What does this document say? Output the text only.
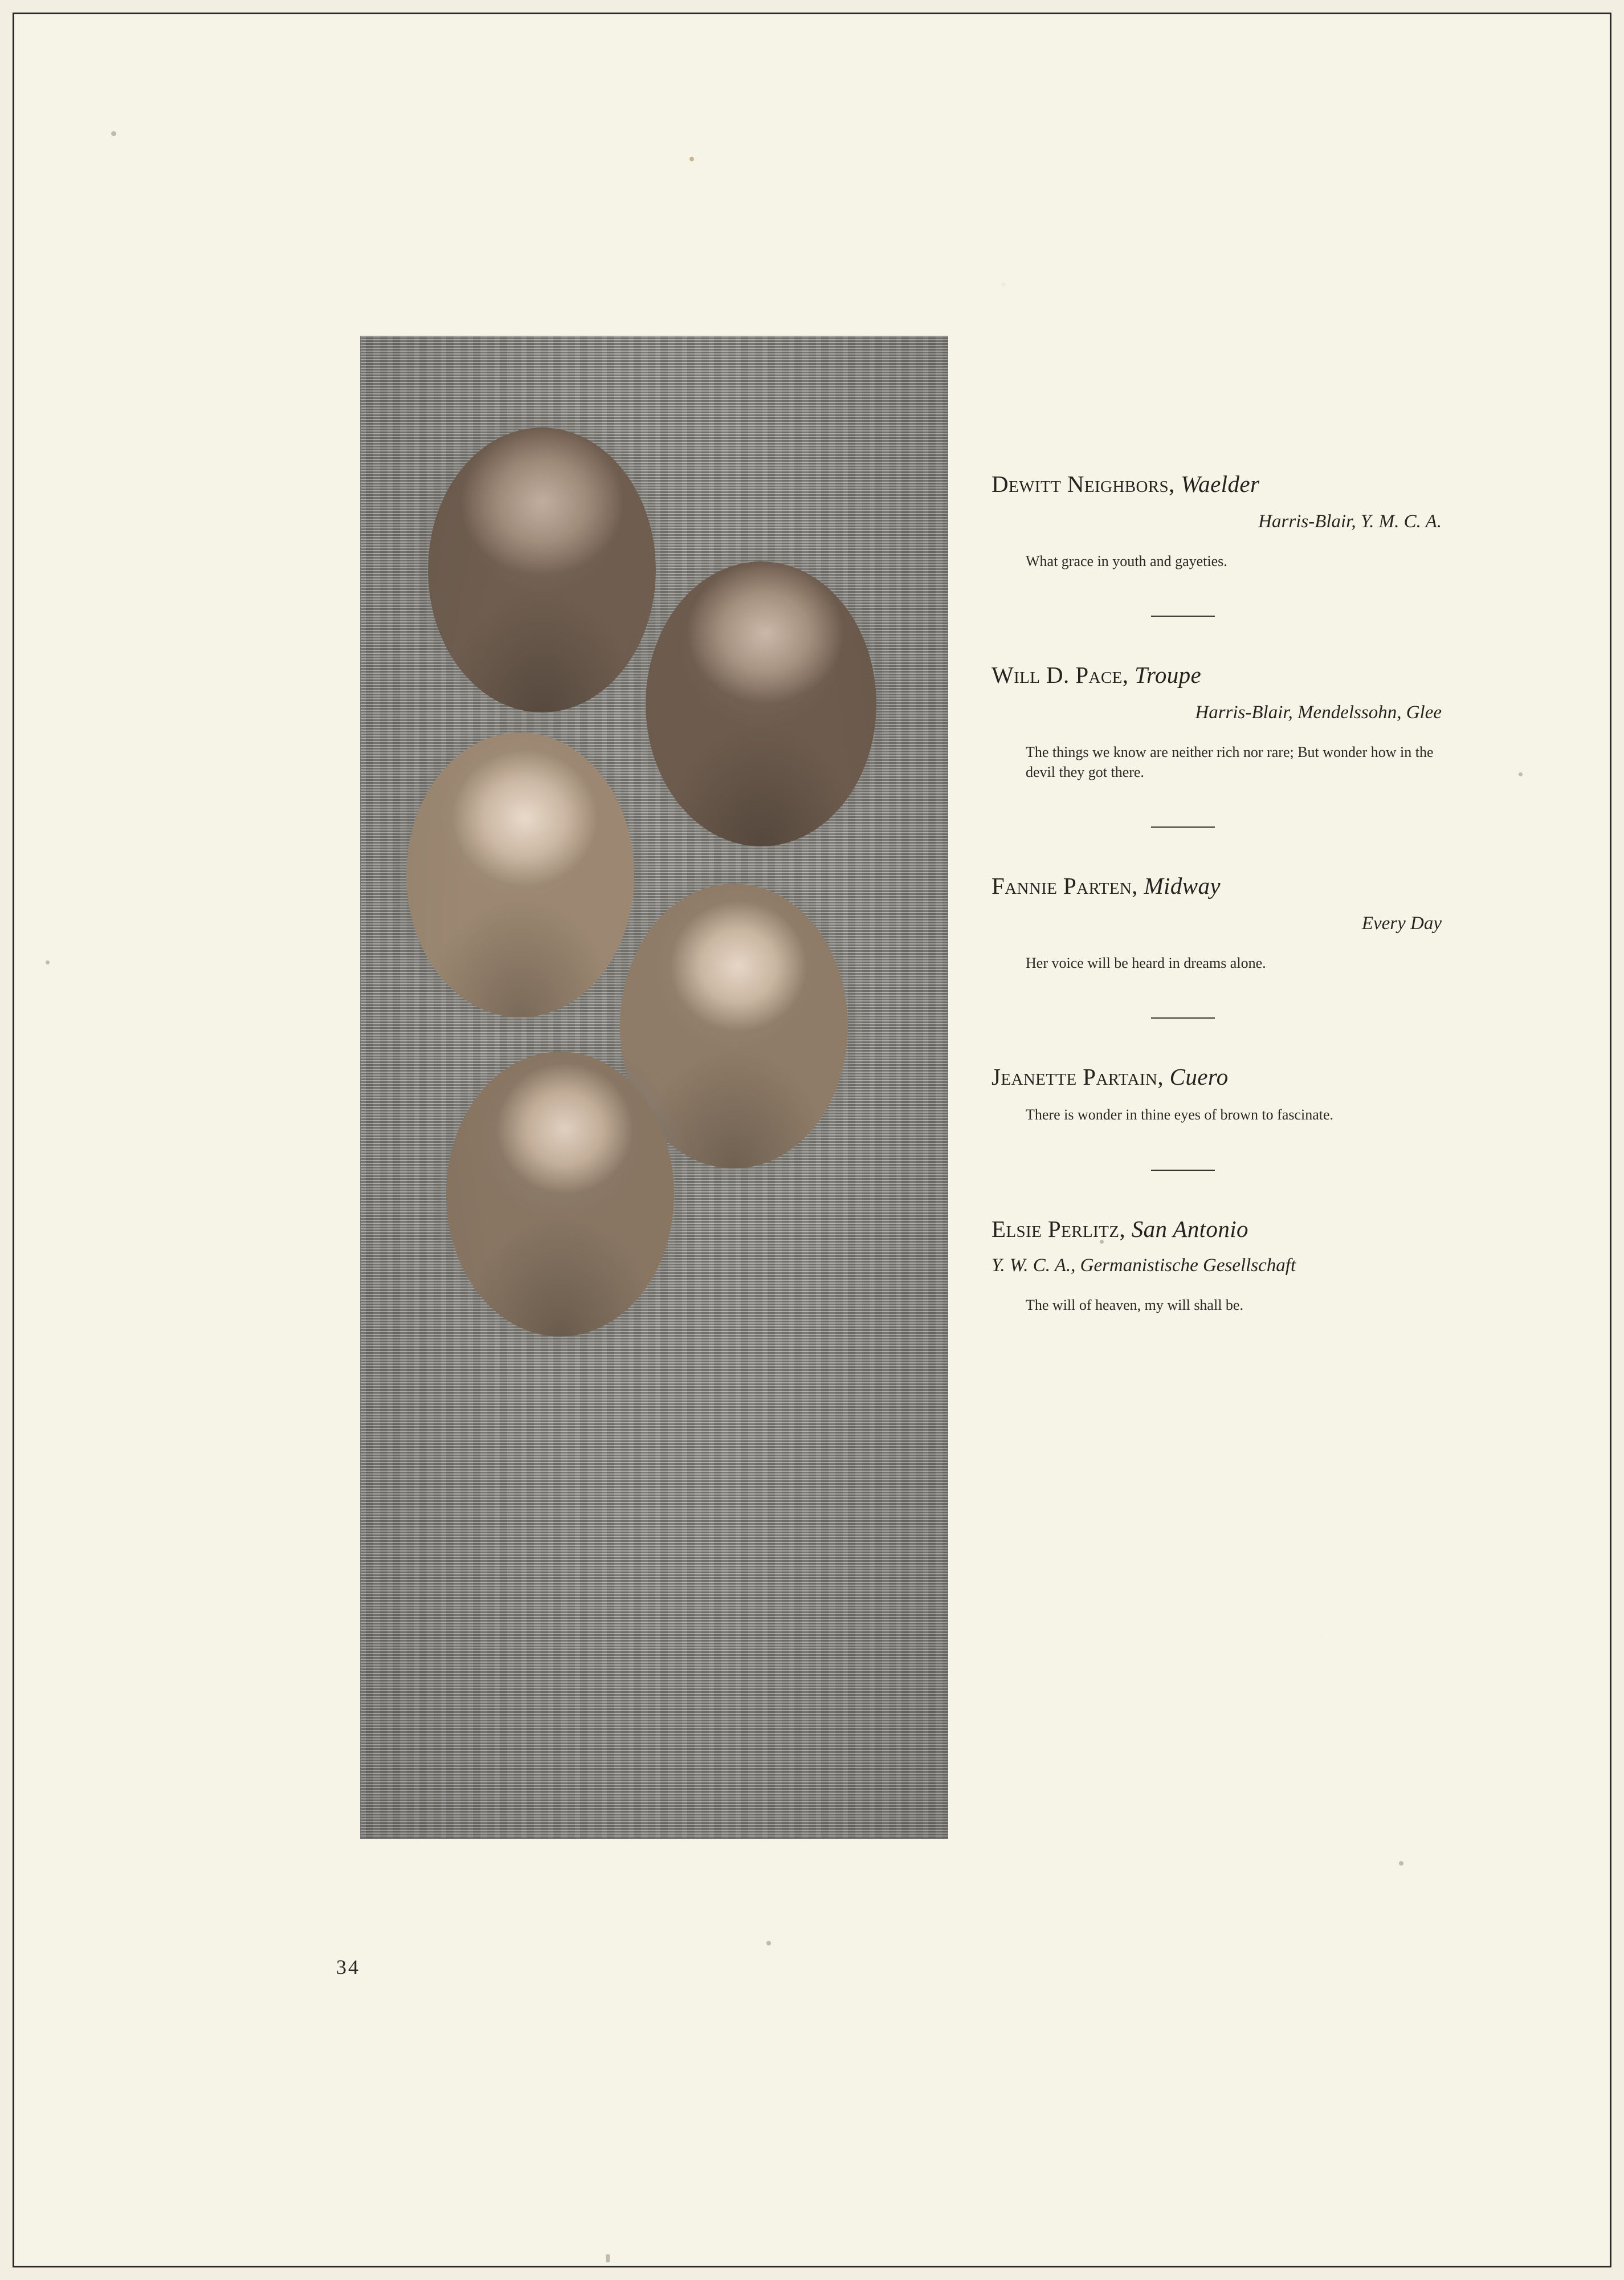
Dewitt Neighbors, Waelder
Harris-Blair, Y. M. C. A.
What grace in youth and gayeties.
Will D. Pace, Troupe
Harris-Blair, Mendelssohn, Glee
The things we know are neither rich nor rare; But wonder how in the devil they got there.
Fannie Parten, Midway
Every Day
Her voice will be heard in dreams alone.
Jeanette Partain, Cuero
There is wonder in thine eyes of brown to fascinate.
Elsie Perlitz, San Antonio
Y. W. C. A., Germanistische Gesellschaft
The will of heaven, my will shall be.
34
